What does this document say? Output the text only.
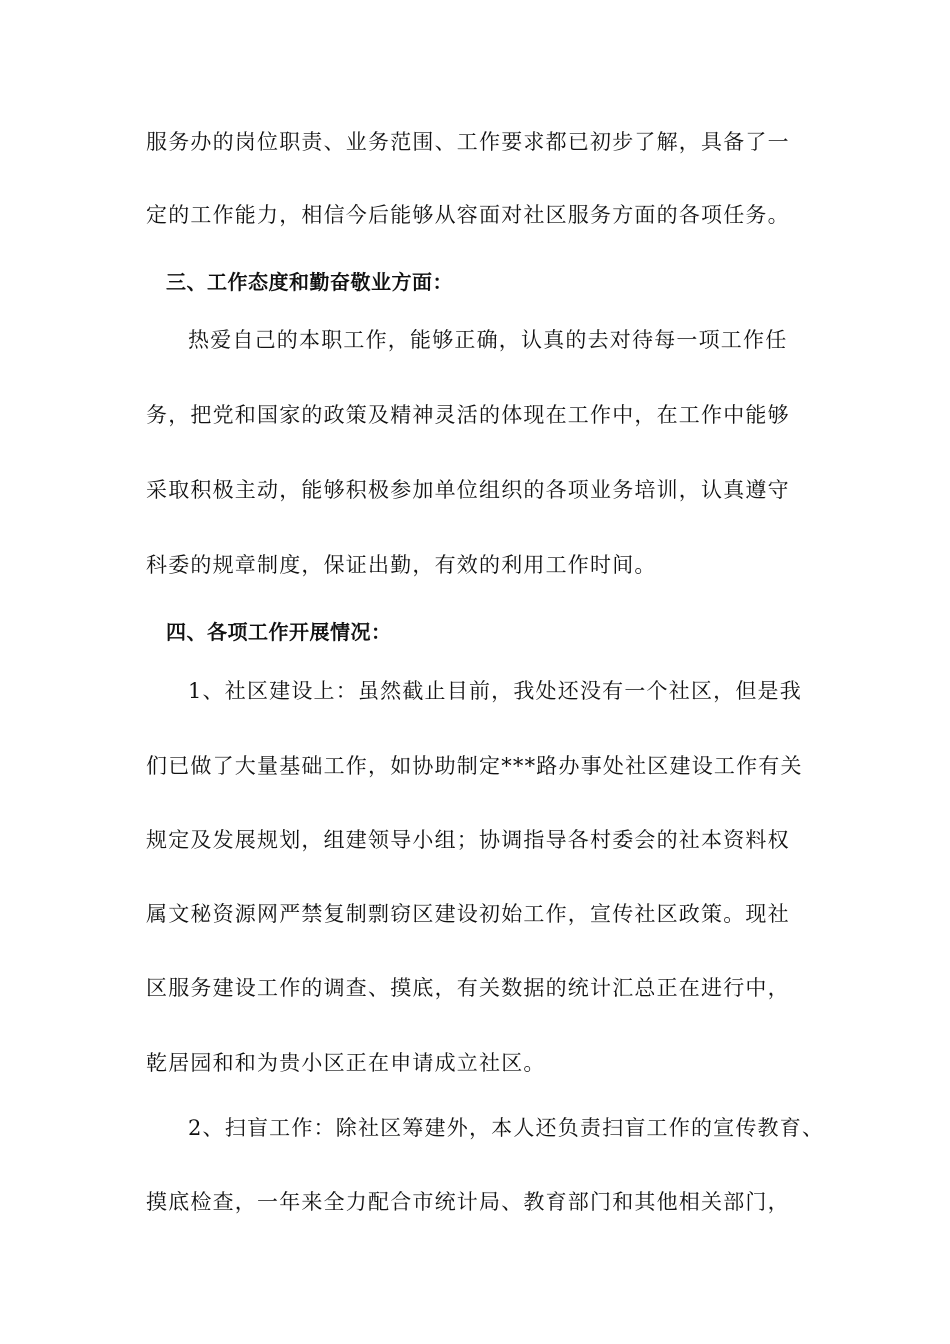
服务办的岗位职责、业务范围、工作要求都已初步了解，具备了一
定的工作能力，相信今后能够从容面对社区服务方面的各项任务。
三、工作态度和勤奋敬业方面：
热爱自己的本职工作，能够正确，认真的去对待每一项工作任
务，把党和国家的政策及精神灵活的体现在工作中，在工作中能够
采取积极主动，能够积极参加单位组织的各项业务培训，认真遵守
科委的规章制度，保证出勤，有效的利用工作时间。
四、各项工作开展情况：
1、社区建设上：虽然截止目前，我处还没有一个社区，但是我
们已做了大量基础工作，如协助制定***路办事处社区建设工作有关
规定及发展规划，组建领导小组；协调指导各村委会的社本资料权
属文秘资源网严禁复制剽窃区建设初始工作，宣传社区政策。现社
区服务建设工作的调查、摸底，有关数据的统计汇总正在进行中，
乾居园和和为贵小区正在申请成立社区。
2、扫盲工作：除社区筹建外，本人还负责扫盲工作的宣传教育、
摸底检查，一年来全力配合市统计局、教育部门和其他相关部门，
